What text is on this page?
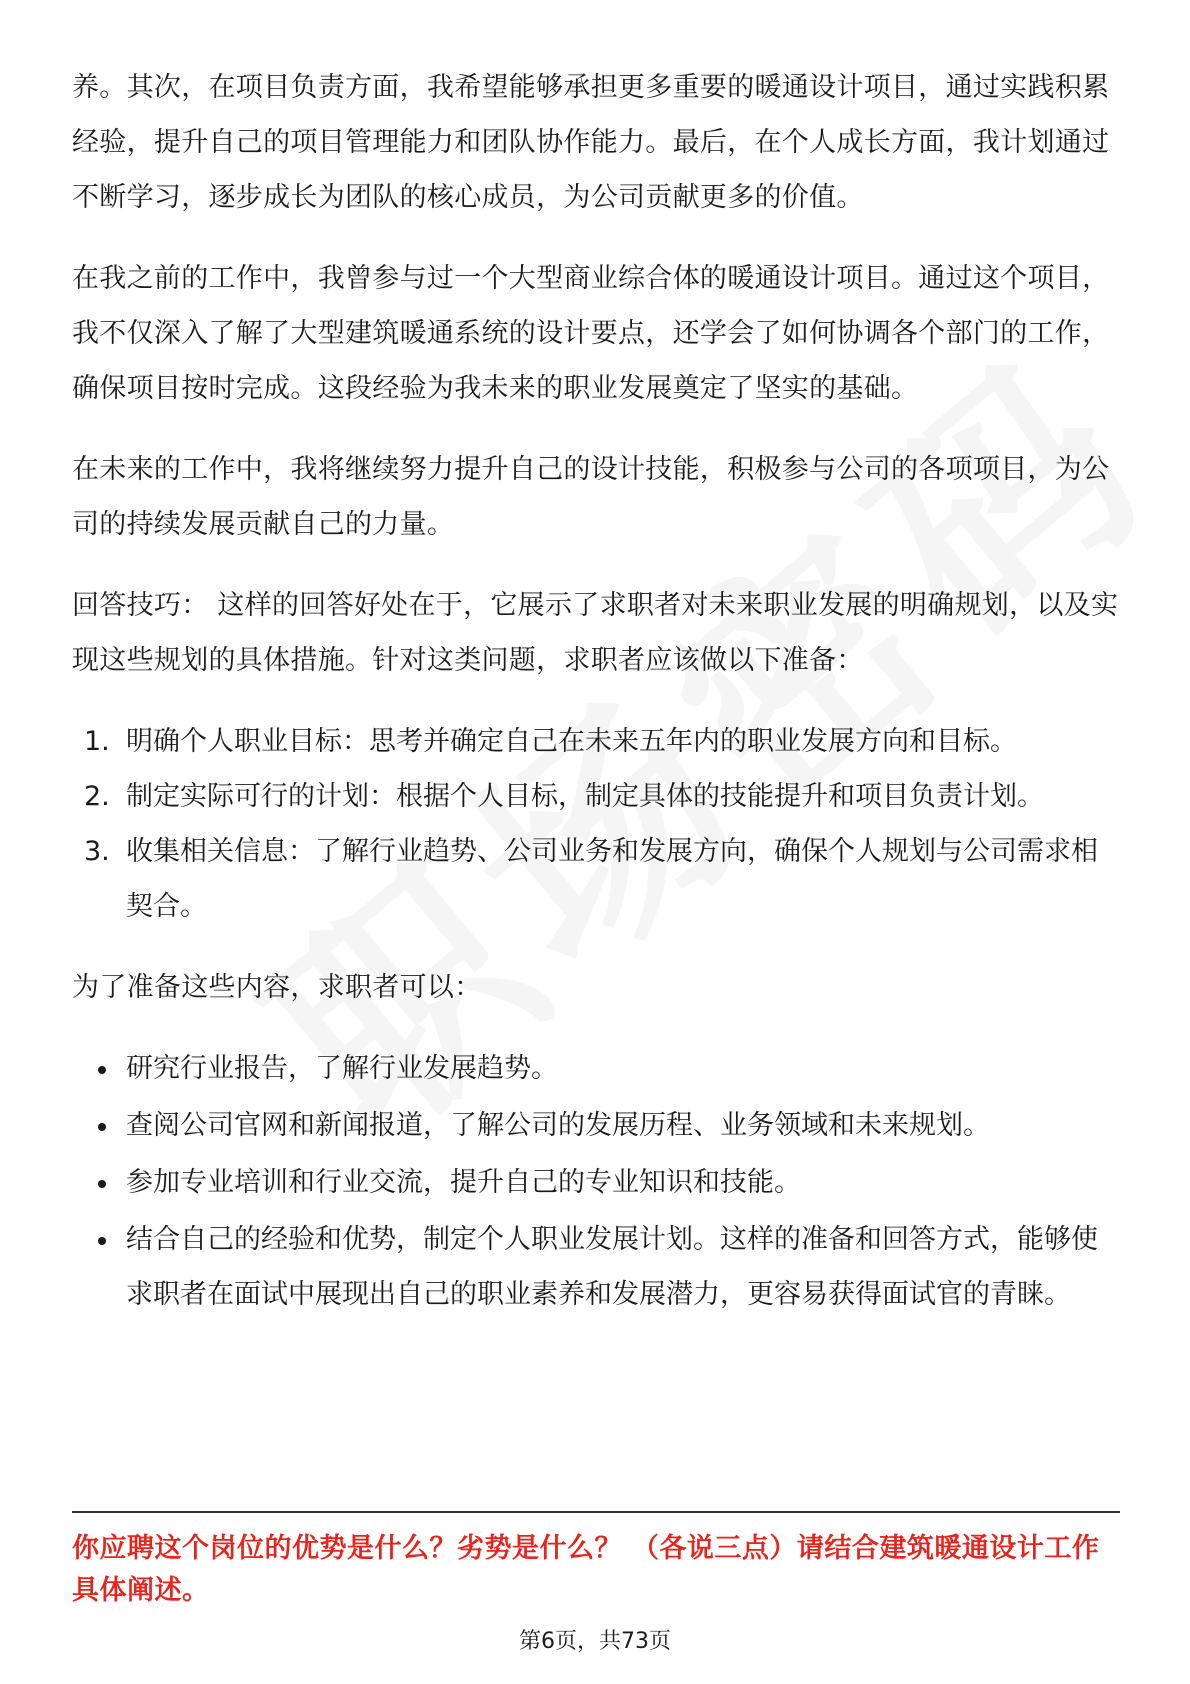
养。其次，在项目负责方面，我希望能够承担更多重要的暖通设计项目，通过实践积累经验，提升自己的项目管理能力和团队协作能力。最后，在个人成长方面，我计划通过不断学习，逐步成长为团队的核心成员，为公司贡献更多的价值。

在我之前的工作中，我曾参与过一个大型商业综合体的暖通设计项目。通过这个项目，我不仅深入了解了大型建筑暖通系统的设计要点，还学会了如何协调各个部门的工作，确保项目按时完成。这段经验为我未来的职业发展奠定了坚实的基础。

在未来的工作中，我将继续努力提升自己的设计技能，积极参与公司的各项项目，为公司的持续发展贡献自己的力量。

回答技巧： 这样的回答好处在于，它展示了求职者对未来职业发展的明确规划，以及实现这些规划的具体措施。针对这类问题，求职者应该做以下准备：

1. 明确个人职业目标：思考并确定自己在未来五年内的职业发展方向和目标。
2. 制定实际可行的计划：根据个人目标，制定具体的技能提升和项目负责计划。
3. 收集相关信息：了解行业趋势、公司业务和发展方向，确保个人规划与公司需求相契合。

为了准备这些内容，求职者可以：

研究行业报告，了解行业发展趋势。
查阅公司官网和新闻报道，了解公司的发展历程、业务领域和未来规划。
参加专业培训和行业交流，提升自己的专业知识和技能。
结合自己的经验和优势，制定个人职业发展计划。这样的准备和回答方式，能够使求职者在面试中展现出自己的职业素养和发展潜力，更容易获得面试官的青睐。

你应聘这个岗位的优势是什么？劣势是什么？ （各说三点）请结合建筑暖通设计工作具体阐述。

第6页，共73页
